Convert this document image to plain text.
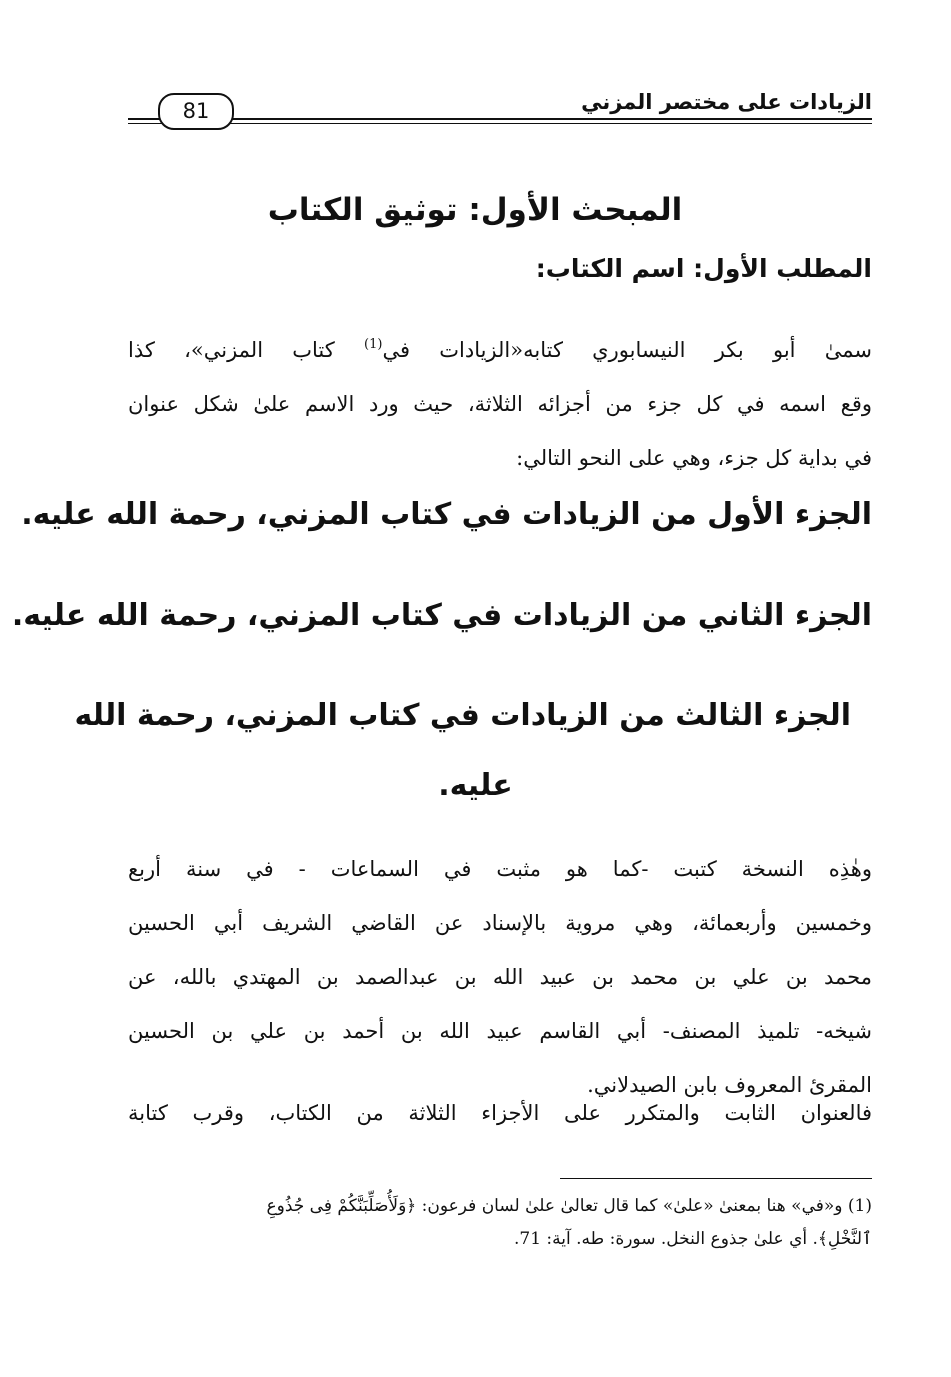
الزيادات على مختصر المزني
81
المبحث الأول: توثيق الكتاب
المطلب الأول: اسم الكتاب:
سمىٰ أبو بكر النيسابوري كتابه«الزيادات في$^{(1)}$ كتاب المزني»، كذا
وقع اسمه في كل جزء من أجزائه الثلاثة، حيث ورد الاسم علىٰ شكل عنوان
في بداية كل جزء، وهي على النحو التالي:
الجزء الأول من الزيادات في كتاب المزني، رحمة الله عليه.
الجزء الثاني من الزيادات في كتاب المزني، رحمة الله عليه.
الجزء الثالث من الزيادات في كتاب المزني، رحمة الله
عليه.
وهٰذِه النسخة كتبت -كما هو مثبت في السماعات - في سنة أربع
وخمسين وأربعمائة، وهي مروية بالإسناد عن القاضي الشريف أبي الحسين
محمد بن علي بن محمد بن عبيد الله بن عبدالصمد بن المهتدي بالله، عن
شيخه- تلميذ المصنف- أبي القاسم عبيد الله بن أحمد بن علي بن الحسين
المقرئ المعروف بابن الصيدلاني.
فالعنوان الثابت والمتكرر على الأجزاء الثلاثة من الكتاب، وقرب كتابة
(1) و«في» هنا بمعنىٰ «علىٰ» كما قال تعالىٰ علىٰ لسان فرعون: ﴿وَلَأُصَلِّبَنَّكُمْ فِى جُذُوعِ
ٱلنَّخْلِ﴾. أي علىٰ جذوع النخل. سورة: طه. آية: 71.
